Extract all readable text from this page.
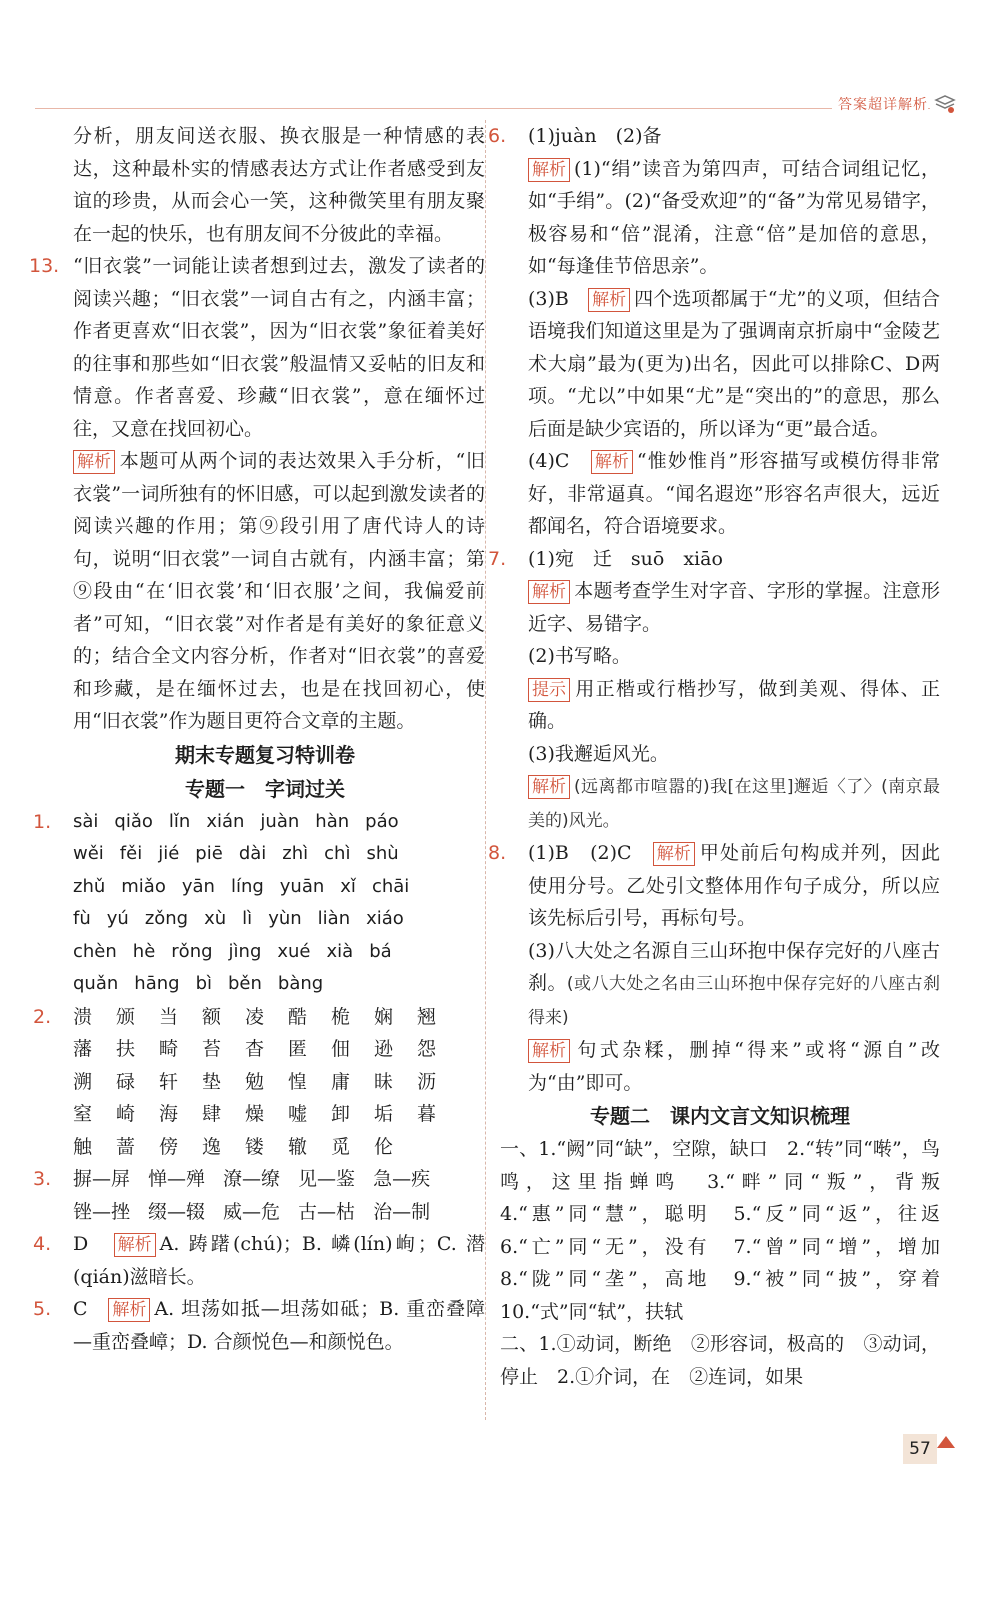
答案超详解析

分析，朋友间送衣服、换衣服是一种情感的表达，这种最朴实的情感表达方式让作者感受到友谊的珍贵，从而会心一笑，这种微笑里有朋友聚在一起的快乐，也有朋友间不分彼此的幸福。

13. “旧衣裳”一词能让读者想到过去，激发了读者的阅读兴趣；“旧衣裳”一词自古有之，内涵丰富；作者更喜欢“旧衣裳”，因为“旧衣裳”象征着美好的往事和那些如“旧衣裳”般温情又妥帖的旧友和情意。作者喜爱、珍藏“旧衣裳”，意在缅怀过往，又意在找回初心。

解析 本题可从两个词的表达效果入手分析，“旧衣裳”一词所独有的怀旧感，可以起到激发读者的阅读兴趣的作用；第⑨段引用了唐代诗人的诗句，说明“旧衣裳”一词自古就有，内涵丰富；第⑨段由“在‘旧衣裳’和‘旧衣服’之间，我偏爱前者”可知，“旧衣裳”对作者是有美好的象征意义的；结合全文内容分析，作者对“旧衣裳”的喜爱和珍藏，是在缅怀过去，也是在找回初心，使用“旧衣裳”作为题目更符合文章的主题。

期末专题复习特训卷
专题一　字词过关
1. sài qiǎo lǐn xián juàn hàn páo
wěi fěi jié piē dài zhì chì shù
zhǔ miǎo yān líng yuān xǐ chāi
fù yú zǒng xù lì yùn liàn xiáo
chèn hè rǒng jìng xué xià bá
quǎn hāng bì běn bàng
2. 溃	颁	当	额	凌	酷	桅	娴	翘
藩	扶	畸	苔	杳	匿	佃	逊	怨
溯	碌	轩	垫	勉	惶	庸	昧	沥
窒	崎	海	肆	燥	嘘	卸	垢	暮
触	蔷	傍	逸	镂	辙	觅	伦
3. 摒—屏 惮—殚 潦—缭 见—鉴 急—疾
锉—挫 缀—辍 威—危 古—枯 治—制
4. D　 解析 A. 踌躇(chú)；B. 嶙(lín)峋；C. 潜(qián)滋暗长。

5. C　 解析 A. 坦荡如抵—坦荡如砥；B. 重峦叠障—重峦叠嶂；D. 合颜悦色—和颜悦色。

6. (1)juàn　(2)备

解析 (1)“绢”读音为第四声，可结合词组记忆，如“手绢”。(2)“备受欢迎”的“备”为常见易错字，极容易和“倍”混淆，注意“倍”是加倍的意思，如“每逢佳节倍思亲”。

(3)B　 解析 四个选项都属于“尤”的义项，但结合语境我们知道这里是为了强调南京折扇中“金陵艺术大扇”最为(更为)出名，因此可以排除C、D两项。“尤以”中如果“尤”是“突出的”的意思，那么后面是缺少宾语的，所以译为“更”最合适。

(4)C　 解析 “惟妙惟肖”形容描写或模仿得非常好，非常逼真。“闻名遐迩”形容名声很大，远近都闻名，符合语境要求。

7. (1)宛　迁　suō　xiāo

解析 本题考查学生对字音、字形的掌握。注意形近字、易错字。

(2)书写略。

提示 用正楷或行楷抄写，做到美观、得体、正确。

(3)我邂逅风光。

解析 (远离都市喧嚣的)我[在这里]邂逅〈了〉(南京最美的)风光。

8. (1)B　(2)C　 解析 甲处前后句构成并列，因此使用分号。乙处引文整体用作句子成分，所以应该先标后引号，再标句号。

(3)八大处之名源自三山环抱中保存完好的八座古刹。(或八大处之名由三山环抱中保存完好的八座古刹得来)

解析 句式杂糅，删掉“得来”或将“源自”改为“由”即可。

专题二　课内文言文知识梳理

一、1.“阙”同“缺”，空隙，缺口　2.“转”同“啭”，鸟鸣，这里指蝉鸣　3.“畔”同“叛”，背叛　4.“惠”同“慧”，聪明　5.“反”同“返”，往返　6.“亡”同“无”，没有　7.“曾”同“增”，增加　8.“陇”同“垄”，高地　9.“被”同“披”，穿着　10.“式”同“轼”，扶轼

二、1.①动词，断绝　②形容词，极高的　③动词，停止　2.①介词，在　②连词，如果

57
